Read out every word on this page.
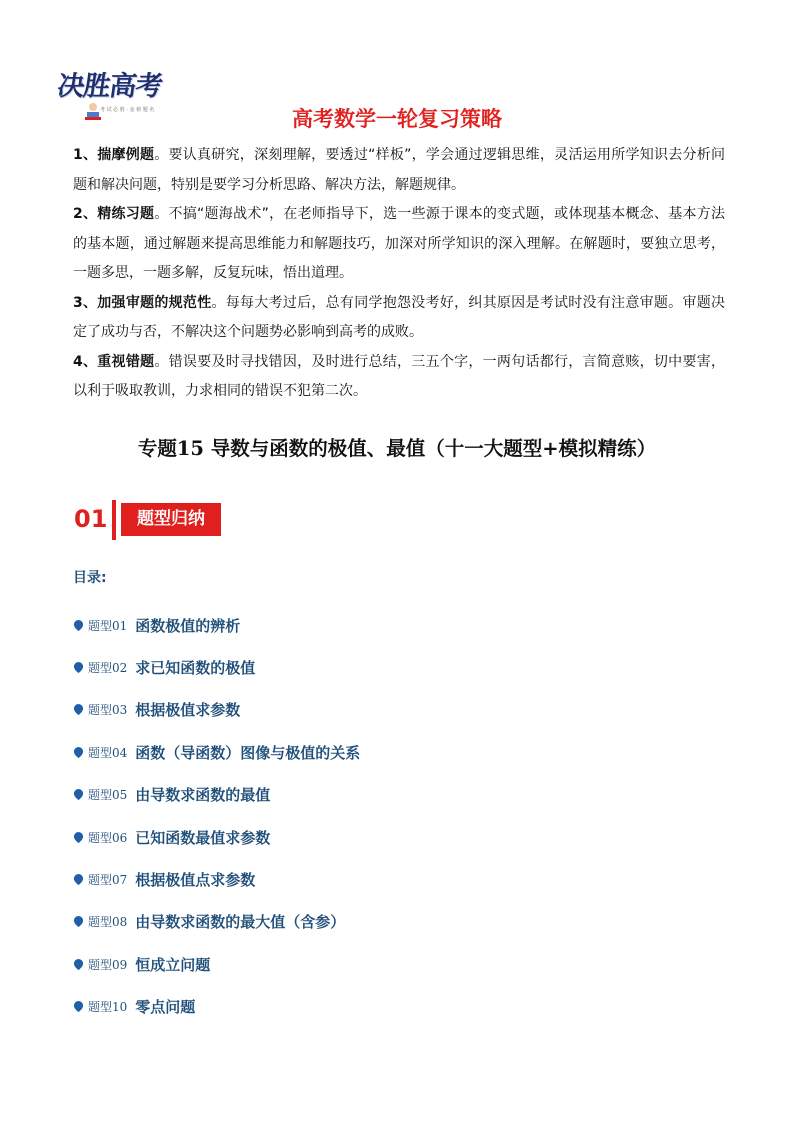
决胜高考
考 试 必 胜 · 金 榜 题 名	高考数学一轮复习策略

1、揣摩例题。要认真研究，深刻理解，要透过“样板”，学会通过逻辑思维，灵活运用所学知识去分析问题和解决问题，特别是要学习分析思路、解决方法，解题规律。

2、精练习题。不搞“题海战术”，在老师指导下，选一些源于课本的变式题，或体现基本概念、基本方法的基本题，通过解题来提高思维能力和解题技巧，加深对所学知识的深入理解。在解题时，要独立思考，一题多思，一题多解，反复玩味，悟出道理。

3、加强审题的规范性。每每大考过后，总有同学抱怨没考好，纠其原因是考试时没有注意审题。审题决定了成功与否，不解决这个问题势必影响到高考的成败。

4、重视错题。错误要及时寻找错因，及时进行总结，三五个字，一两句话都行，言简意赅，切中要害，以利于吸取教训，力求相同的错误不犯第二次。

专题15 导数与函数的极值、最值（十一大题型+模拟精练）
01	题型归纳
目录:
题型01 函数极值的辨析
题型02 求已知函数的极值
题型03 根据极值求参数
题型04 函数（导函数）图像与极值的关系
题型05 由导数求函数的最值
题型06 已知函数最值求参数
题型07 根据极值点求参数
题型08 由导数求函数的最大值（含参）
题型09 恒成立问题
题型10 零点问题
